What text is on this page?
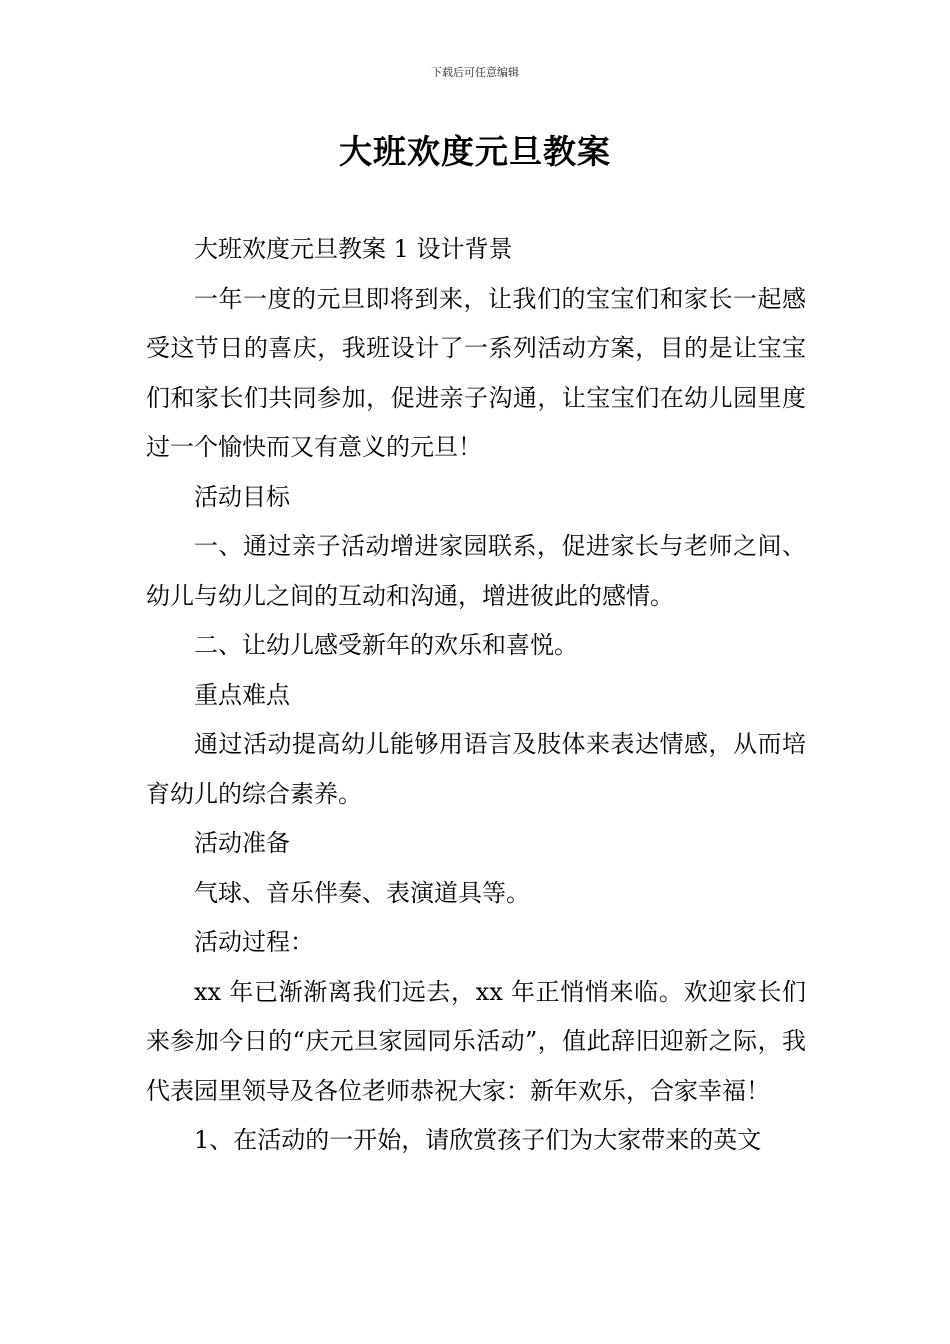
下载后可任意编辑
大班欢度元旦教案

大班欢度元旦教案 1 设计背景

一年一度的元旦即将到来，让我们的宝宝们和家长一起感受这节日的喜庆，我班设计了一系列活动方案，目的是让宝宝们和家长们共同参加，促进亲子沟通，让宝宝们在幼儿园里度过一个愉快而又有意义的元旦！

活动目标

一、通过亲子活动增进家园联系，促进家长与老师之间、幼儿与幼儿之间的互动和沟通，增进彼此的感情。

二、让幼儿感受新年的欢乐和喜悦。

重点难点

通过活动提高幼儿能够用语言及肢体来表达情感，从而培育幼儿的综合素养。

活动准备

气球、音乐伴奏、表演道具等。

活动过程：

xx 年已渐渐离我们远去，xx 年正悄悄来临。欢迎家长们来参加今日的“庆元旦家园同乐活动”，值此辞旧迎新之际，我代表园里领导及各位老师恭祝大家：新年欢乐，合家幸福！

1、在活动的一开始，请欣赏孩子们为大家带来的英文
